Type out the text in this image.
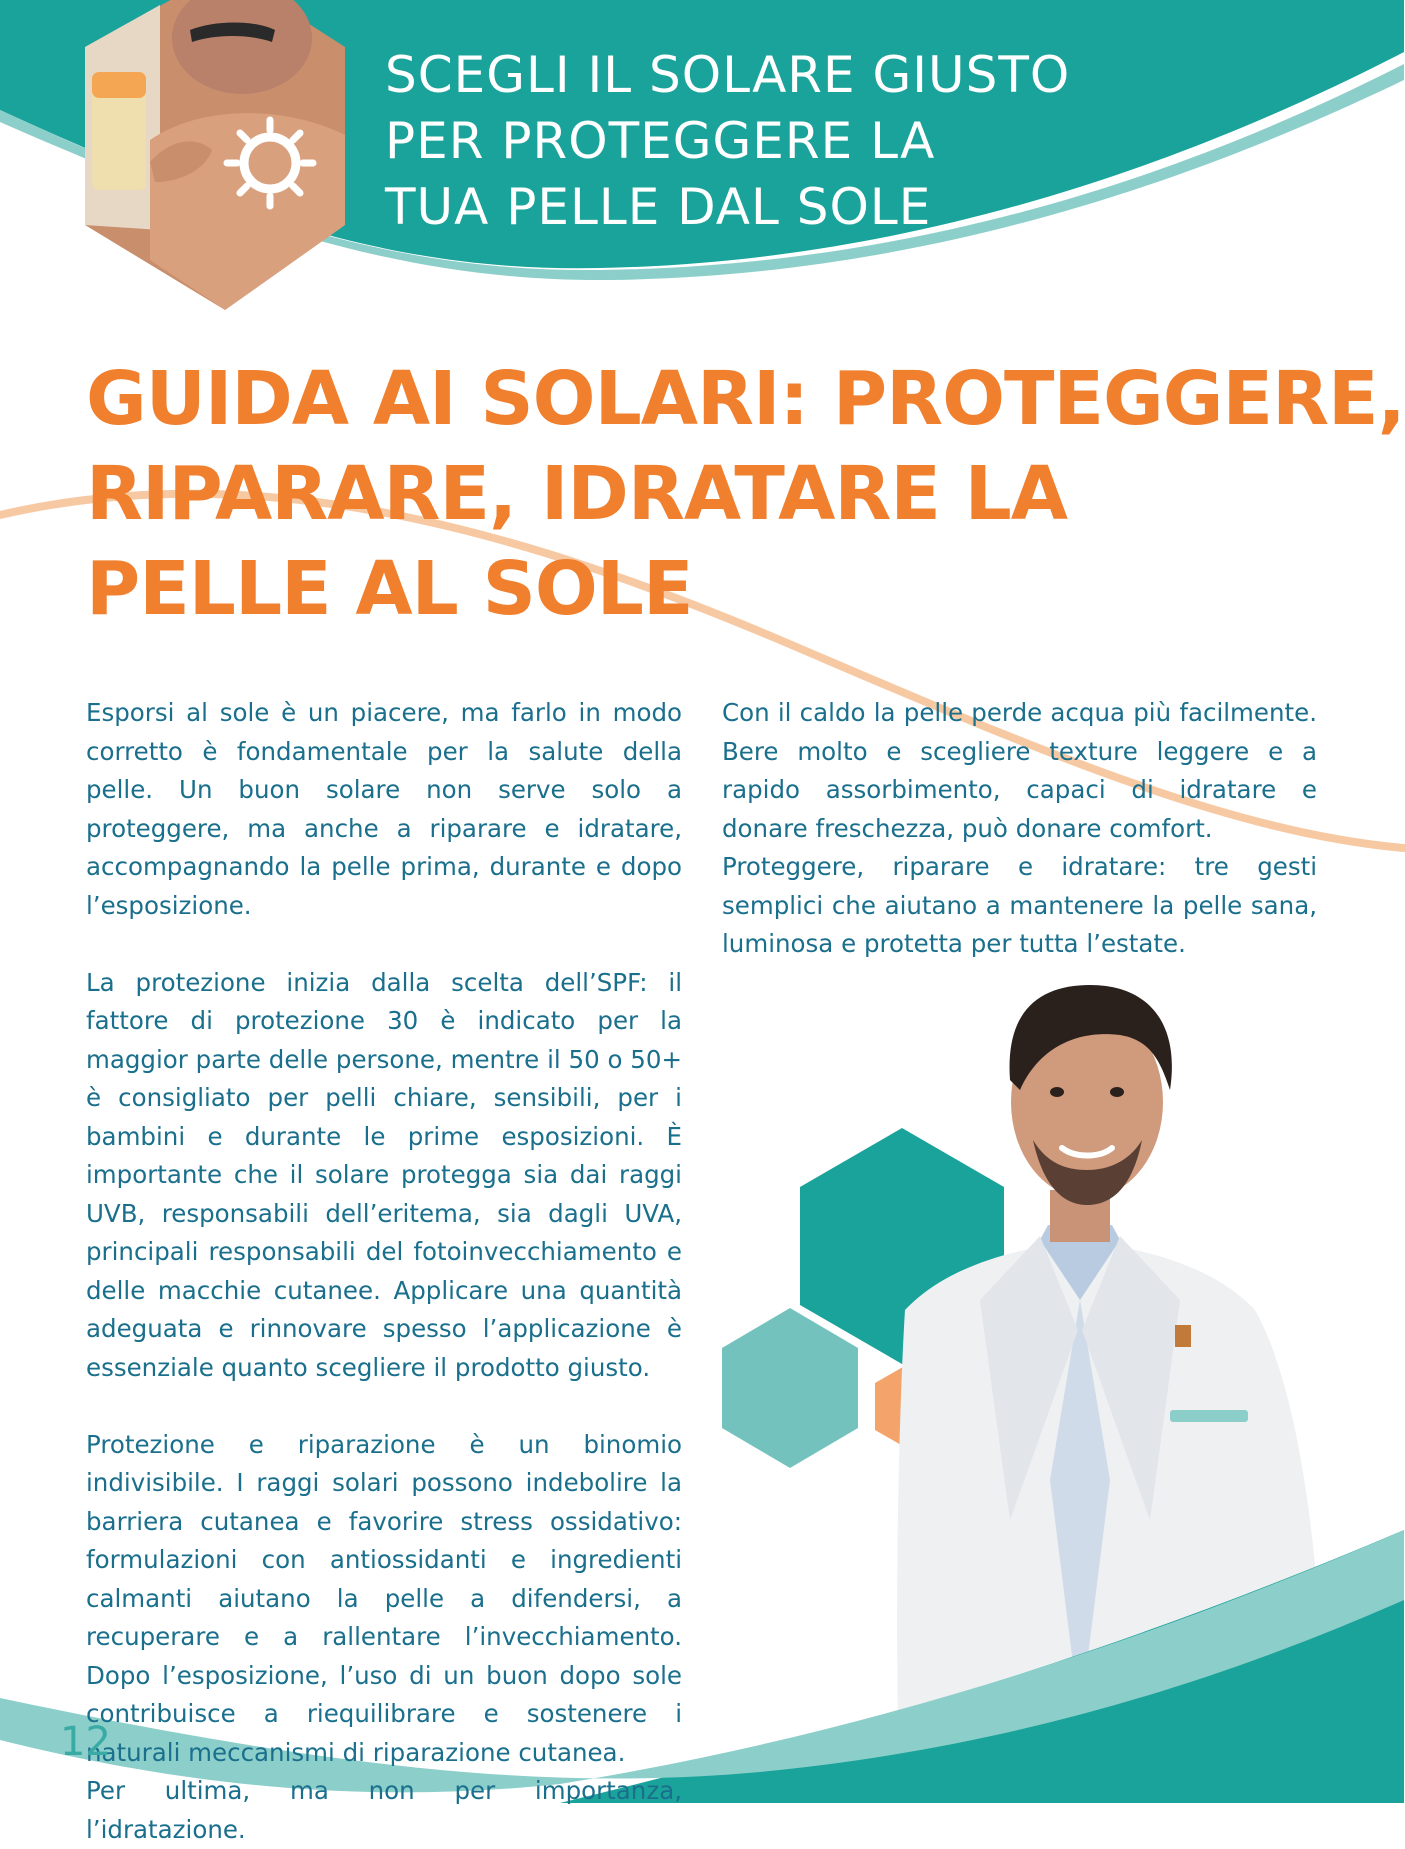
SCEGLI IL SOLARE GIUSTO
PER PROTEGGERE LA
TUA PELLE DAL SOLE
GUIDA AI SOLARI: PROTEGGERE,
RIPARARE, IDRATARE LA
PELLE AL SOLE

Esporsi al sole è un piacere, ma farlo in modo corretto è fondamentale per la salute della pelle. Un buon solare non serve solo a proteggere, ma anche a riparare e idratare, accompagnando la pelle prima, durante e dopo l’esposizione.

La protezione inizia dalla scelta dell’SPF: il fattore di protezione 30 è indicato per la maggior parte delle persone, mentre il 50 o 50+ è consigliato per pelli chiare, sensibili, per i bambini e durante le prime esposizioni. È importante che il solare protegga sia dai raggi UVB, responsabili dell’eritema, sia dagli UVA, principali responsabili del fotoinvecchiamento e delle macchie cutanee. Applicare una quantità adeguata e rinnovare spesso l’applicazione è essenziale quanto scegliere il prodotto giusto.

Protezione e riparazione è un binomio indivisibile. I raggi solari possono indebolire la barriera cutanea e favorire stress ossidativo: formulazioni con antiossidanti e ingredienti calmanti aiutano la pelle a difendersi, a recuperare e a rallentare l’invecchiamento. Dopo l’esposizione, l’uso di un buon dopo sole contribuisce a riequilibrare e sostenere i naturali meccanismi di riparazione cutanea.

Per ultima, ma non per importanza, l’idratazione.

Con il caldo la pelle perde acqua più facilmente. Bere molto e scegliere texture leggere e a rapido assorbimento, capaci di idratare e donare freschezza, può donare comfort.

Proteggere, riparare e idratare: tre gesti semplici che aiutano a mantenere la pelle sana, luminosa e protetta per tutta l’estate.

12
